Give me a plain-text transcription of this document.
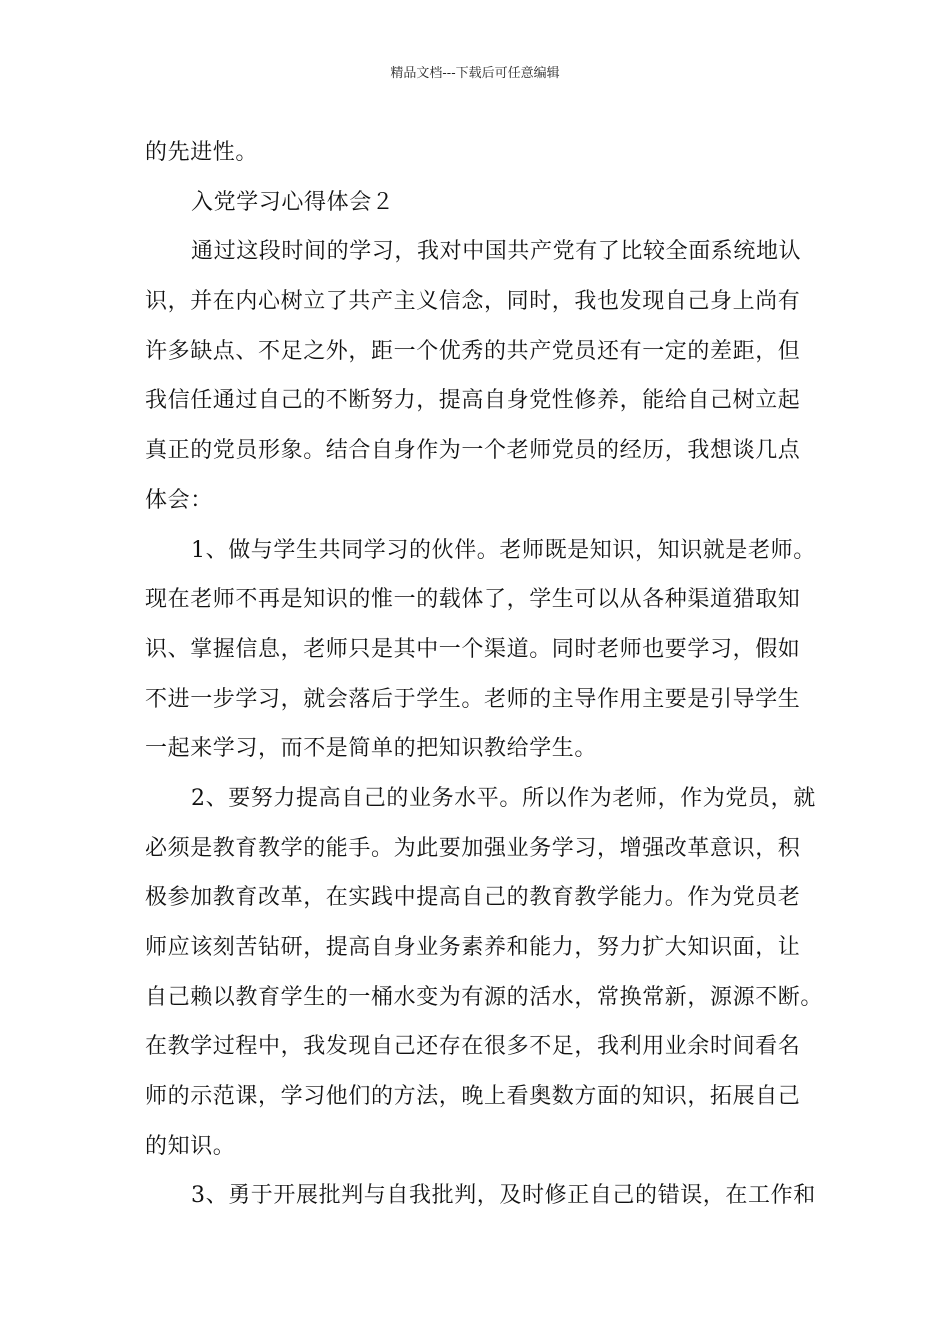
精品文档---下载后可任意编辑
的先进性。
入党学习心得体会２
通过这段时间的学习，我对中国共产党有了比较全面系统地认
识，并在内心树立了共产主义信念，同时，我也发现自己身上尚有
许多缺点、不足之外，距一个优秀的共产党员还有一定的差距，但
我信任通过自己的不断努力，提高自身党性修养，能给自己树立起
真正的党员形象。结合自身作为一个老师党员的经历，我想谈几点
体会：
1、做与学生共同学习的伙伴。老师既是知识，知识就是老师。
现在老师不再是知识的惟一的载体了，学生可以从各种渠道猎取知
识、掌握信息，老师只是其中一个渠道。同时老师也要学习，假如
不进一步学习，就会落后于学生。老师的主导作用主要是引导学生
一起来学习，而不是简单的把知识教给学生。
2、要努力提高自己的业务水平。所以作为老师，作为党员，就
必须是教育教学的能手。为此要加强业务学习，增强改革意识，积
极参加教育改革，在实践中提高自己的教育教学能力。作为党员老
师应该刻苦钻研，提高自身业务素养和能力，努力扩大知识面，让
自己赖以教育学生的一桶水变为有源的活水，常换常新，源源不断。
在教学过程中，我发现自己还存在很多不足，我利用业余时间看名
师的示范课，学习他们的方法，晚上看奥数方面的知识，拓展自己
的知识。
3、勇于开展批判与自我批判，及时修正自己的错误，在工作和
